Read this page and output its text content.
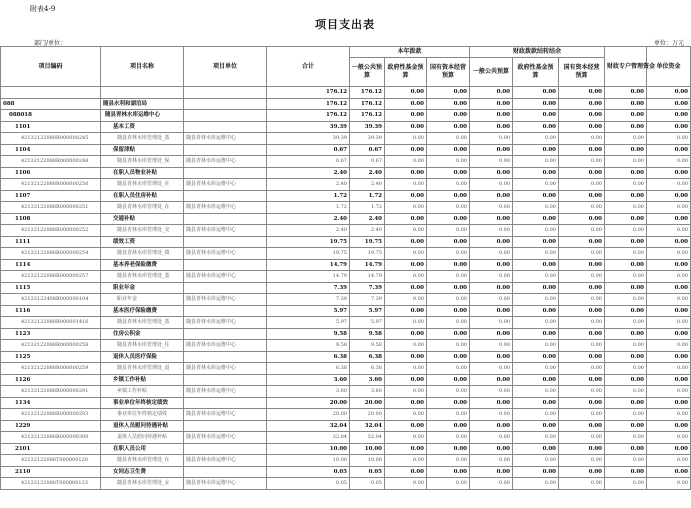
附表4-9
项目支出表
部门/单位：	单位：万元
项目编码	项目名称	项目单位	合计	本年拨款			财政拨款结转结余			财政专户管理资金	单位资金
				一般公共预算	政府性基金预算	国有资本经营预算	一般公共预算	政府性基金预算	国有资本经营预算		
			176.12	176.12	0.00	0.00	0.00	0.00	0.00	0.00	0.00
088	随县水利和湖泊局		176.12	176.12	0.00	0.00	0.00	0.00	0.00	0.00	0.00
088018	随县青林水库运维中心		176.12	176.12	0.00	0.00	0.00	0.00	0.00	0.00	0.00
1101	基本工资		39.39	39.39	0.00	0.00	0.00	0.00	0.00	0.00	0.00
42132122088R000000245	随县青林水库管理处_基	随县青林水库运维中心	39.39	39.39	0.00	0.00	0.00	0.00	0.00	0.00	0.00
1104	保留津贴		0.67	0.67	0.00	0.00	0.00	0.00	0.00	0.00	0.00
42132122088R000000248	随县青林水库管理处_保	随县青林水库运维中心	0.67	0.67	0.00	0.00	0.00	0.00	0.00	0.00	0.00
1106	在职人员物业补贴		2.40	2.40	0.00	0.00	0.00	0.00	0.00	0.00	0.00
42132122088R000000250	随县青林水库管理处_在	随县青林水库运维中心	2.40	2.40	0.00	0.00	0.00	0.00	0.00	0.00	0.00
1107	在职人员住房补贴		1.72	1.72	0.00	0.00	0.00	0.00	0.00	0.00	0.00
42132122088R000000251	随县青林水库管理处_在	随县青林水库运维中心	1.72	1.72	0.00	0.00	0.00	0.00	0.00	0.00	0.00
1108	交通补贴		2.40	2.40	0.00	0.00	0.00	0.00	0.00	0.00	0.00
42132122088R000000252	随县青林水库管理处_交	随县青林水库运维中心	2.40	2.40	0.00	0.00	0.00	0.00	0.00	0.00	0.00
1111	绩效工资		19.75	19.75	0.00	0.00	0.00	0.00	0.00	0.00	0.00
42132122088R000000254	随县青林水库管理处_绩	随县青林水库运维中心	19.75	19.75	0.00	0.00	0.00	0.00	0.00	0.00	0.00
1114	基本养老保险缴费		14.79	14.79	0.00	0.00	0.00	0.00	0.00	0.00	0.00
42132122088R000000257	随县青林水库管理处_基	随县青林水库运维中心	14.79	14.79	0.00	0.00	0.00	0.00	0.00	0.00	0.00
1115	职业年金		7.39	7.39	0.00	0.00	0.00	0.00	0.00	0.00	0.00
42132122408R000000104	职业年金	随县青林水库运维中心	7.39	7.39	0.00	0.00	0.00	0.00	0.00	0.00	0.00
1116	基本医疗保险缴费		5.97	5.97	0.00	0.00	0.00	0.00	0.00	0.00	0.00
42132122088R000001416	随县青林水库管理处_基	随县青林水库运维中心	5.97	5.97	0.00	0.00	0.00	0.00	0.00	0.00	0.00
1123	住房公积金		9.58	9.58	0.00	0.00	0.00	0.00	0.00	0.00	0.00
42132122088R000000258	随县青林水库管理处_住	随县青林水库运维中心	9.58	9.58	0.00	0.00	0.00	0.00	0.00	0.00	0.00
1125	退休人员医疗保险		6.38	6.38	0.00	0.00	0.00	0.00	0.00	0.00	0.00
42132122088R000000259	随县青林水库管理处_退	随县青林水库运维中心	6.38	6.38	0.00	0.00	0.00	0.00	0.00	0.00	0.00
1126	乡镇工作补贴		3.60	3.60	0.00	0.00	0.00	0.00	0.00	0.00	0.00
42132122088R000000291	乡镇工作补贴	随县青林水库运维中心	3.60	3.60	0.00	0.00	0.00	0.00	0.00	0.00	0.00
1134	事业单位年终核定绩效		20.00	20.00	0.00	0.00	0.00	0.00	0.00	0.00	0.00
42132122088R000000293	事业单位年终核定绩效	随县青林水库运维中心	20.00	20.00	0.00	0.00	0.00	0.00	0.00	0.00	0.00
1229	退休人员慰问待遇补贴		32.04	32.04	0.00	0.00	0.00	0.00	0.00	0.00	0.00
42132122088R000000300	退休人员慰问待遇补贴	随县青林水库运维中心	32.04	32.04	0.00	0.00	0.00	0.00	0.00	0.00	0.00
2101	在职人员公用		10.00	10.00	0.00	0.00	0.00	0.00	0.00	0.00	0.00
42132122088T000000120	随县青林水库管理处_在	随县青林水库运维中心	10.00	10.00	0.00	0.00	0.00	0.00	0.00	0.00	0.00
2110	女同志卫生费		0.05	0.05	0.00	0.00	0.00	0.00	0.00	0.00	0.00
42132122088T000000123	随县青林水库管理处_女	随县青林水库运维中心	0.05	0.05	0.00	0.00	0.00	0.00	0.00	0.00	0.00
